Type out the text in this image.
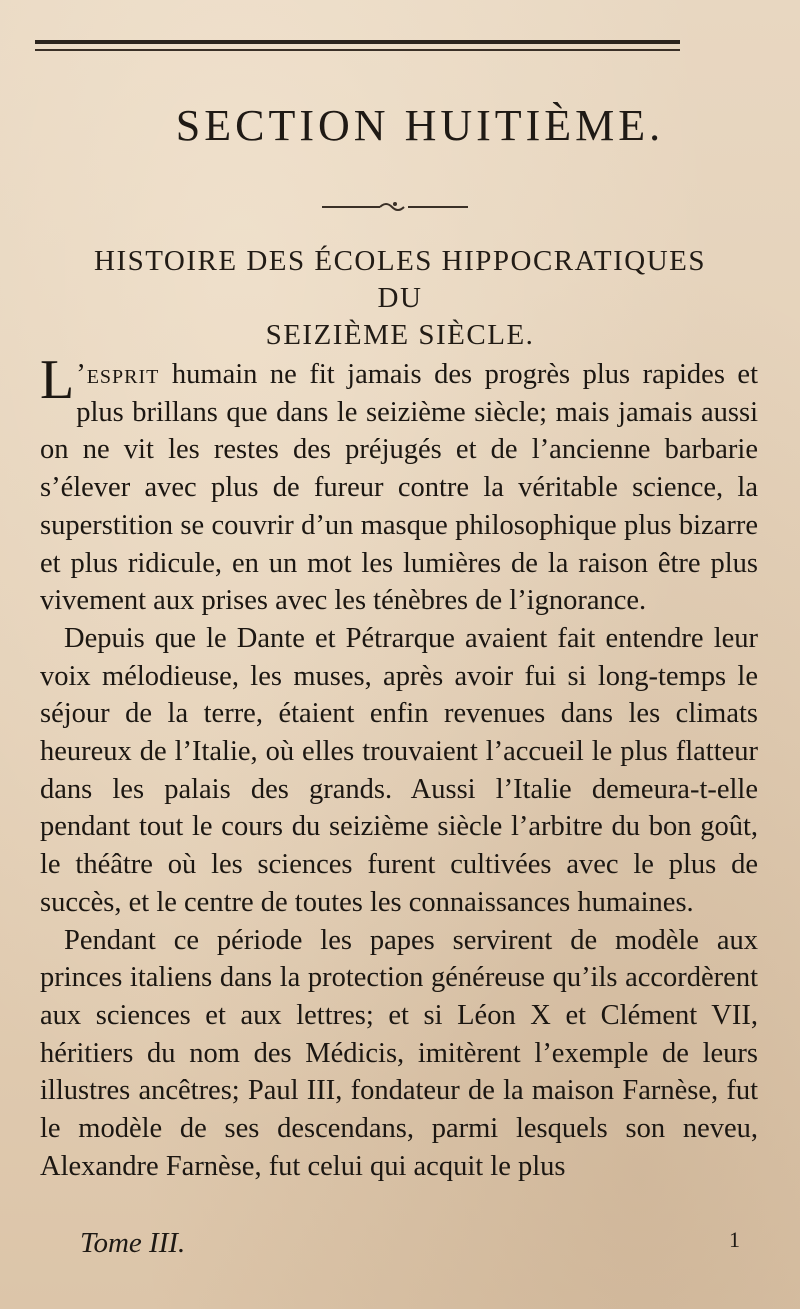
SECTION HUITIÈME.
HISTOIRE DES ÉCOLES HIPPOCRATIQUES DU
SEIZIÈME SIÈCLE.

L ’esprit humain ne fit jamais des progrès plus rapides et plus brillans que dans le seizième siècle; mais jamais aussi on ne vit les restes des préjugés et de l’ancienne barbarie s’élever avec plus de fureur contre la véritable science, la superstition se couvrir d’un masque philosophique plus bizarre et plus ridicule, en un mot les lumières de la raison être plus vivement aux prises avec les ténèbres de l’ignorance.

Depuis que le Dante et Pétrarque avaient fait entendre leur voix mélodieuse, les muses, après avoir fui si long-temps le séjour de la terre, étaient enfin revenues dans les climats heureux de l’Italie, où elles trouvaient l’accueil le plus flatteur dans les palais des grands. Aussi l’Italie demeura-t-elle pendant tout le cours du seizième siècle l’arbitre du bon goût, le théâtre où les sciences furent cultivées avec le plus de succès, et le centre de toutes les connaissances humaines.

Pendant ce période les papes servirent de modèle aux princes italiens dans la protection généreuse qu’ils accordèrent aux sciences et aux lettres; et si Léon X et Clément VII, héritiers du nom des Médicis, imitèrent l’exemple de leurs illustres ancêtres; Paul III, fondateur de la maison Farnèse, fut le modèle de ses descendans, parmi lesquels son neveu, Alexandre Farnèse, fut celui qui acquit le plus

Tome III.	1
